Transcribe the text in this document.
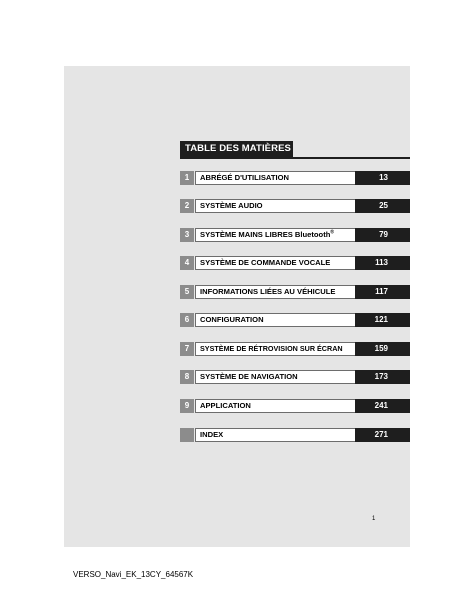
TABLE DES MATIÈRES
1	ABRÉGÉ D'UTILISATION	13
2	SYSTÈME AUDIO	25
3	SYSTÈME MAINS LIBRES Bluetooth®	79
4	SYSTÈME DE COMMANDE VOCALE	113
5	INFORMATIONS LIÉES AU VÉHICULE	117
6	CONFIGURATION	121
7	SYSTÈME DE RÉTROVISION SUR ÉCRAN	159
8	SYSTÈME DE NAVIGATION	173
9	APPLICATION	241
INDEX	271
1
VERSO_Navi_EK_13CY_64567K
